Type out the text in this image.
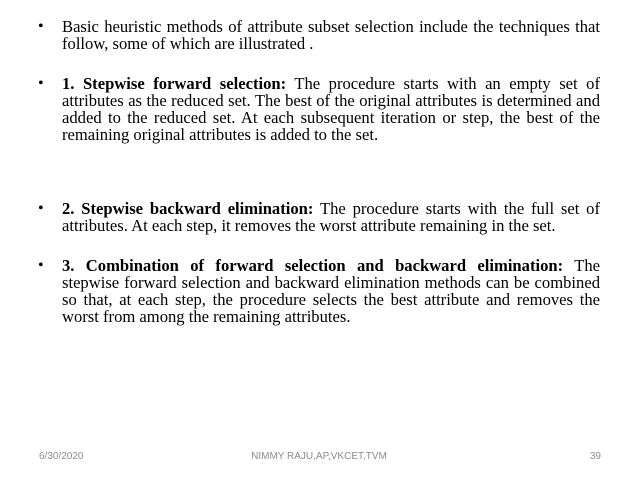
• Basic heuristic methods of attribute subset selection include the techniques that follow, some of which are illustrated .
• 1. Stepwise forward selection: The procedure starts with an empty set of attributes as the reduced set. The best of the original attributes is determined and added to the reduced set. At each subsequent iteration or step, the best of the remaining original attributes is added to the set.
• 2. Stepwise backward elimination: The procedure starts with the full set of attributes. At each step, it removes the worst attribute remaining in the set.
• 3. Combination of forward selection and backward elimination: The stepwise forward selection and backward elimination methods can be combined so that, at each step, the procedure selects the best attribute and removes the worst from among the remaining attributes.
6/30/2020	NIMMY RAJU,AP,VKCET,TVM	39
